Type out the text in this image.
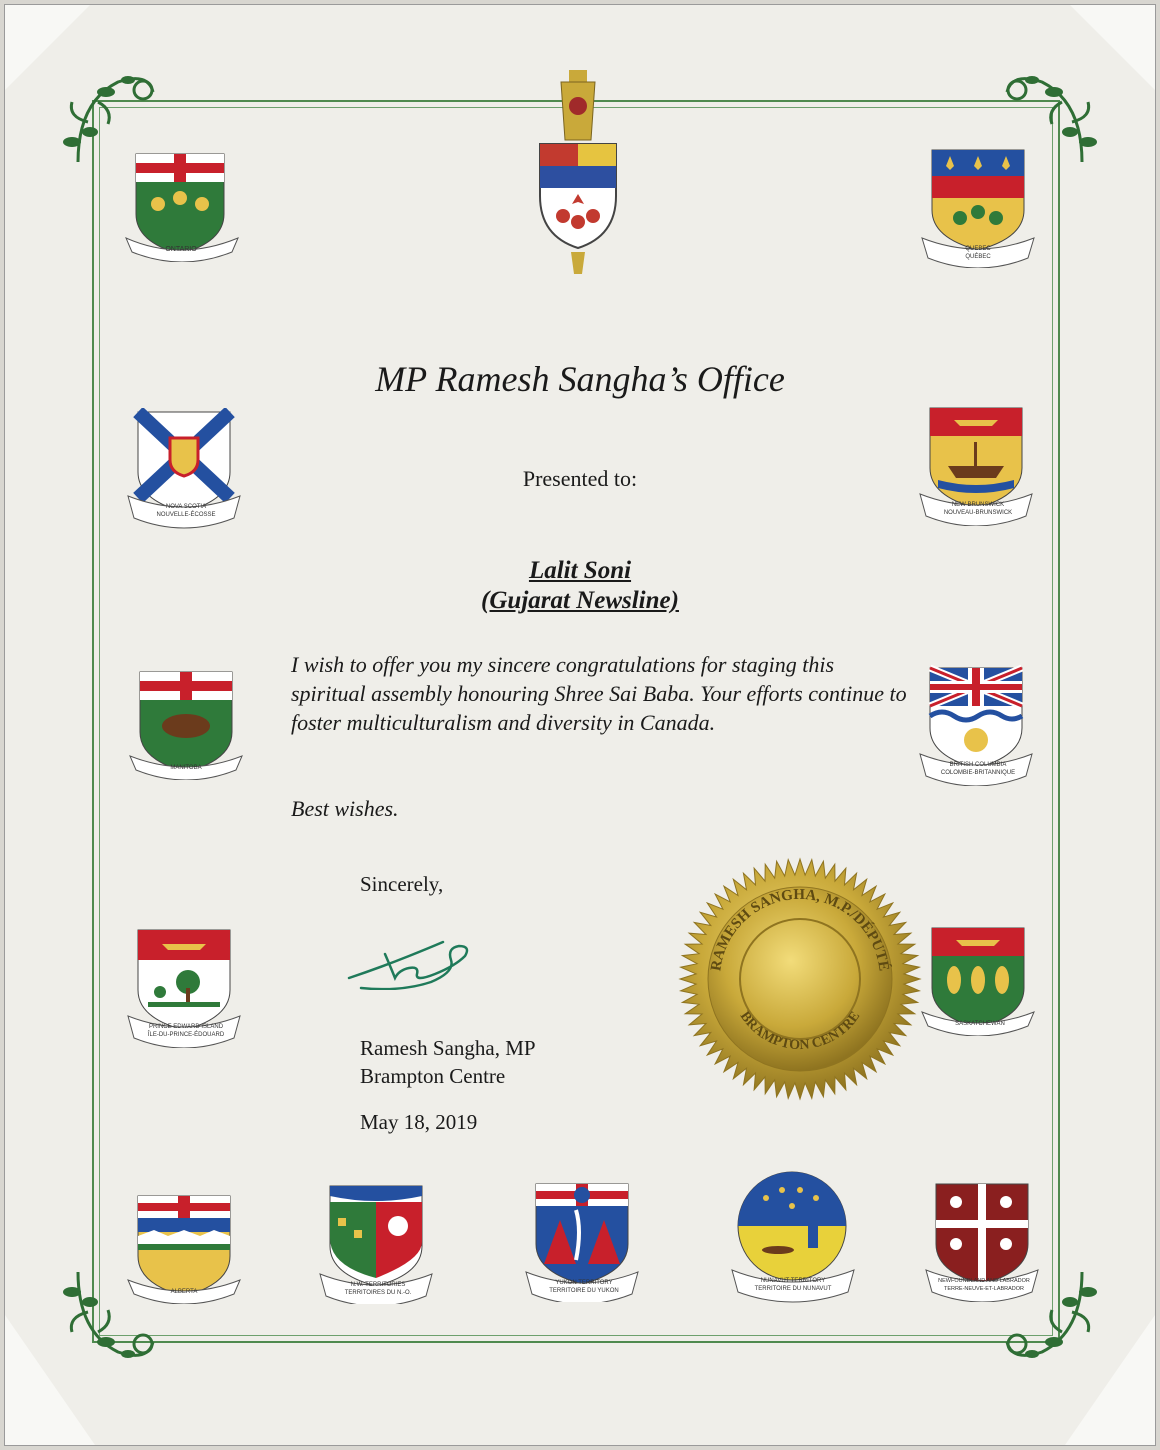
ONTARIO	QUEBEC
QUÉBEC
NOVA SCOTIA
NOUVELLE-ÉCOSSE
NEW BRUNSWICK
NOUVEAU-BRUNSWICK
MANITOBA	BRITISH COLUMBIA
COLOMBIE-BRITANNIQUE
PRINCE EDWARD ISLAND
ÎLE-DU-PRINCE-ÉDOUARD
SASKATCHEWAN
ALBERTA
N.W. TERRITORIES
TERRITOIRES DU N.-O.
YUKON TERRITORY
TERRITOIRE DU YUKON
NUNAVUT TERRITORY
TERRITOIRE DU NUNAVUT
NEWFOUNDLAND AND LABRADOR
TERRE-NEUVE-ET-LABRADOR
MP Ramesh Sangha’s Office
Presented to:
Lalit Soni
(Gujarat Newsline)
I wish to offer you my sincere congratulations for staging this spiritual assembly honouring Shree Sai Baba. Your efforts continue to foster multiculturalism and diversity in Canada.
Best wishes.
Sincerely,
Ramesh Sangha, MP
Brampton Centre
May 18, 2019
RAMESH SANGHA, M.P./DÉPUTÉ
BRAMPTON CENTRE
